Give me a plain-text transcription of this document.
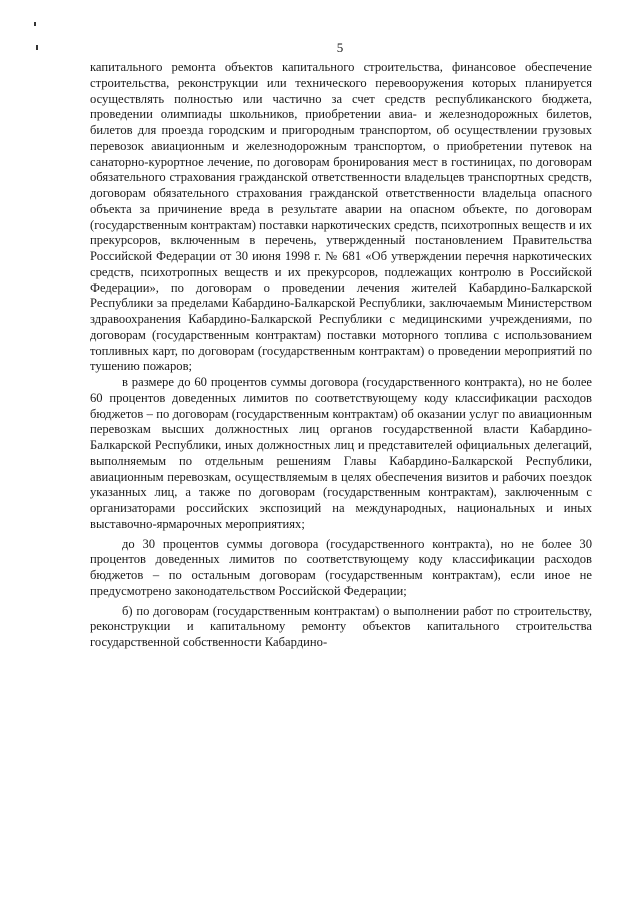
5

капитального ремонта объектов капитального строительства, финансовое обеспечение строительства, реконструкции или технического перевооружения которых планируется осуществлять полностью или частично за счет средств республиканского бюджета, проведении олимпиады школьников, приобретении авиа- и железнодорожных билетов, билетов для проезда городским и пригородным транспортом, об осуществлении грузовых перевозок авиационным и железнодорожным транспортом, о приобретении путевок на санаторно-курортное лечение, по договорам бронирования мест в гостиницах, по договорам обязательного страхования гражданской ответственности владельцев транспортных средств, договорам обязательного страхования гражданской ответственности владельца опасного объекта за причинение вреда в результате аварии на опасном объекте, по договорам (государственным контрактам) поставки наркотических средств, психотропных веществ и их прекурсоров, включенным в перечень, утвержденный постановлением Правительства Российской Федерации от 30 июня 1998 г. № 681 «Об утверждении перечня наркотических средств, психотропных веществ и их прекурсоров, подлежащих контролю в Российской Федерации», по договорам о проведении лечения жителей Кабардино-Балкарской Республики за пределами Кабардино-Балкарской Республики, заключаемым Министерством здравоохранения Кабардино-Балкарской Республики с медицинскими учреждениями, по договорам (государственным контрактам) поставки моторного топлива с использованием топливных карт, по договорам (государственным контрактам) о проведении мероприятий по тушению пожаров;

в размере до 60 процентов суммы договора (государственного контракта), но не более 60 процентов доведенных лимитов по соответствующему коду классификации расходов бюджетов – по договорам (государственным контрактам) об оказании услуг по авиационным перевозкам высших должностных лиц органов государственной власти Кабардино-Балкарской Республики, иных должностных лиц и представителей официальных делегаций, выполняемым по отдельным решениям Главы Кабардино-Балкарской Республики, авиационным перевозкам, осуществляемым в целях обеспечения визитов и рабочих поездок указанных лиц, а также по договорам (государственным контрактам), заключенным с организаторами российских экспозиций на международных, национальных и иных выставочно-ярмарочных мероприятиях;

до 30 процентов суммы договора (государственного контракта), но не более 30 процентов доведенных лимитов по соответствующему коду классификации расходов бюджетов – по остальным договорам (государственным контрактам), если иное не предусмотрено законодательством Российской Федерации;

б) по договорам (государственным контрактам) о выполнении работ по строительству, реконструкции и капитальному ремонту объектов капитального строительства государственной собственности Кабардино-
